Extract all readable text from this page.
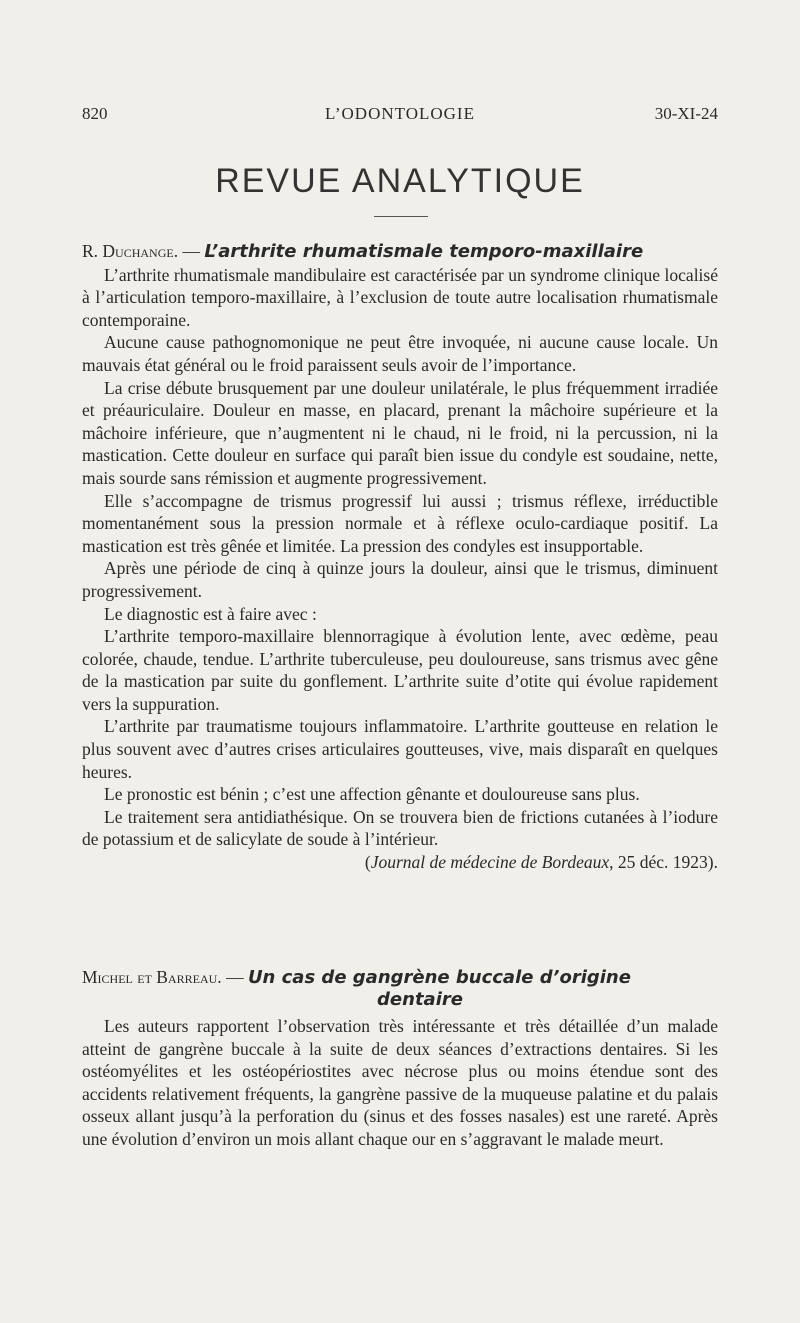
820	L’ODONTOLOGIE	30-XI-24
REVUE ANALYTIQUE

R. Duchange. — L’arthrite rhumatismale temporo-maxillaire

L’arthrite rhumatismale mandibulaire est caractérisée par un syndrome clinique localisé à l’articulation temporo-maxillaire, à l’exclusion de toute autre localisation rhumatismale contemporaine.

Aucune cause pathognomonique ne peut être invoquée, ni aucune cause locale. Un mauvais état général ou le froid paraissent seuls avoir de l’importance.

La crise débute brusquement par une douleur unilatérale, le plus fréquemment irradiée et préauriculaire. Douleur en masse, en placard, prenant la mâchoire supérieure et la mâchoire inférieure, que n’augmentent ni le chaud, ni le froid, ni la percussion, ni la mastication. Cette douleur en surface qui paraît bien issue du condyle est soudaine, nette, mais sourde sans rémission et augmente progressivement.

Elle s’accompagne de trismus progressif lui aussi ; trismus réflexe, irréductible momentanément sous la pression normale et à réflexe oculo-cardiaque positif. La mastication est très gênée et limitée. La pression des condyles est insupportable.

Après une période de cinq à quinze jours la douleur, ainsi que le trismus, diminuent progressivement.

Le diagnostic est à faire avec :

L’arthrite temporo-maxillaire blennorragique à évolution lente, avec œdème, peau colorée, chaude, tendue. L’arthrite tuberculeuse, peu douloureuse, sans trismus avec gêne de la mastication par suite du gonflement. L’arthrite suite d’otite qui évolue rapidement vers la suppuration.

L’arthrite par traumatisme toujours inflammatoire. L’arthrite goutteuse en relation le plus souvent avec d’autres crises articulaires goutteuses, vive, mais disparaît en quelques heures.

Le pronostic est bénin ; c’est une affection gênante et douloureuse sans plus.

Le traitement sera antidiathésique. On se trouvera bien de frictions cutanées à l’iodure de potassium et de salicylate de soude à l’intérieur.

(Journal de médecine de Bordeaux, 25 déc. 1923).

Michel et Barreau. — Un cas de gangrène buccale d’origine
dentaire

Les auteurs rapportent l’observation très intéressante et très détaillée d’un malade atteint de gangrène buccale à la suite de deux séances d’extractions dentaires. Si les ostéomyélites et les ostéopériostites avec nécrose plus ou moins étendue sont des accidents relativement fréquents, la gangrène passive de la muqueuse palatine et du palais osseux allant jusqu’à la perforation du (sinus et des fosses nasales) est une rareté. Après une évolution d’environ un mois allant chaque our en s’aggravant le malade meurt.
